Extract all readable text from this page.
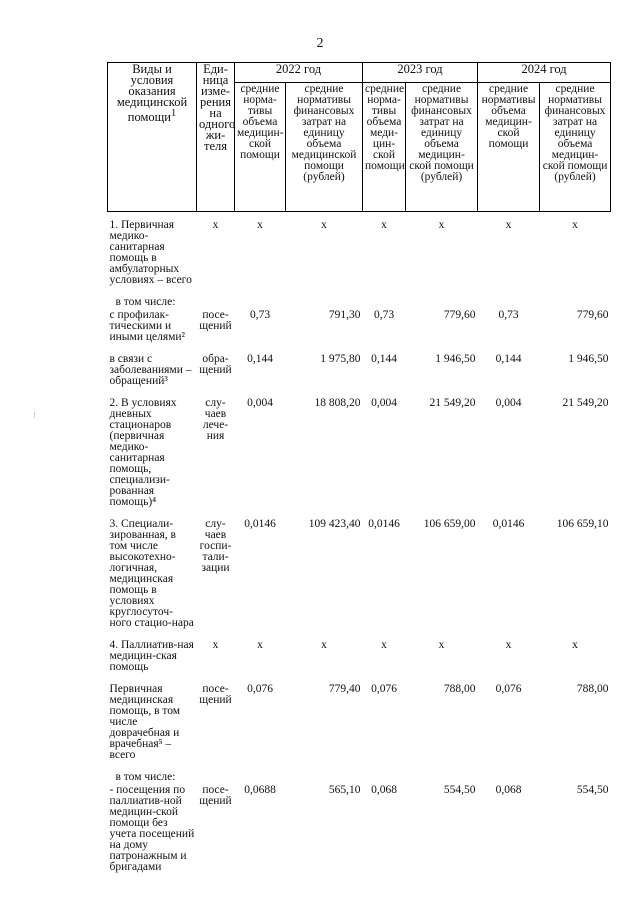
2
⁝
Виды и условия оказания медицинской помощи$^1$	Еди-ница изме-рения на одного жи-теля	2022 год		2023 год		2024 год	
		средние норма-тивы объема медицин-ской помощи	средние нормативы финансовых затрат на единицу объема медицинской помощи (рублей)	средние норма-тивы объема меди-цин-ской помощи	средние нормативы финансовых затрат на единицу объема медицин-ской помощи (рублей)	средние нормативы объема медицин-ской помощи	средние нормативы финансовых затрат на единицу объема медицин-ской помощи (рублей)
1. Первичная медико-санитарная помощь в амбулаторных условиях – всего	х	х	х	х	х	х	х
в том числе:							
с профилак-тическими и иными целями²	посе-щений	0,73	791,30	0,73	779,60	0,73	779,60
в связи с заболеваниями – обращений³	обра-щений	0,144	1 975,80	0,144	1 946,50	0,144	1 946,50
2. В условиях дневных стационаров (первичная медико-санитарная помощь, специализи-рованная помощь)⁴	слу-чаев лече-ния	0,004	18 808,20	0,004	21 549,20	0,004	21 549,20
3. Специали-зированная, в том числе высокотехно-логичная, медицинская помощь в условиях круглосуточ-ного стацио-нара	слу-чаев госпи-тали-зации	0,0146	109 423,40	0,0146	106 659,00	0,0146	106 659,10
4. Паллиатив-ная медицин-ская помощь	х	х	х	х	х	х	х
Первичная медицинская помощь, в том числе доврачебная и врачебная⁵ – всего	посе-щений	0,076	779,40	0,076	788,00	0,076	788,00
в том числе:							
- посещения по паллиатив-ной медицин-ской помощи без учета посещений на дому патронажным и бригадами	посе-щений	0,0688	565,10	0,068	554,50	0,068	554,50
